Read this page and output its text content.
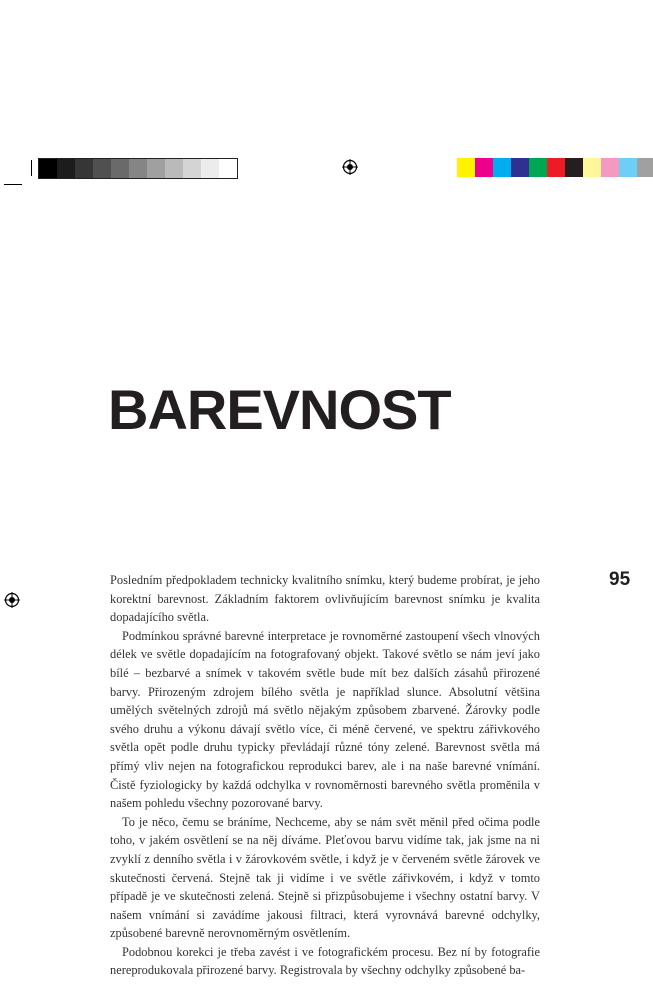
BAREVNOST
95

Posledním předpokladem technicky kvalitního snímku, který budeme probírat, je jeho korektní barevnost. Základním faktorem ovlivňujícím barevnost snímku je kvalita dopadajícího světla.

Podmínkou správné barevné interpretace je rovnoměrné zastoupení všech vlnových délek ve světle dopadajícím na fotografovaný objekt. Takové světlo se nám jeví jako bílé – bezbarvé a snímek v takovém světle bude mít bez dalších zásahů přirozené barvy. Přirozeným zdrojem bílého světla je například slunce. Absolutní většina umělých světelných zdrojů má světlo nějakým způsobem zbarvené. Žárovky podle svého druhu a výkonu dávají světlo více, či méně červené, ve spektru zářivkového světla opět podle druhu typicky převládají různé tóny zelené. Barevnost světla má přímý vliv nejen na fotografickou reprodukci barev, ale i na naše barevné vnímání. Čistě fyziologicky by každá odchylka v rovnoměrnosti barevného světla proměnila v našem pohledu všechny pozorované barvy.

To je něco, čemu se bráníme, Nechceme, aby se nám svět měnil před očima podle toho, v jakém osvětlení se na něj díváme. Pleťovou barvu vidíme tak, jak jsme na ni zvyklí z denního světla i v žárovkovém světle, i když je v červeném světle žárovek ve skutečnosti červená. Stejně tak ji vidíme i ve světle zářivkovém, i když v tomto případě je ve skutečnosti zelená. Stejně si přizpůsobujeme i všechny ostatní barvy. V našem vnímání si zavádíme jakousi filtraci, která vyrovnává barevné odchylky, způsobené barevně nerovnoměrným osvětlením.

Podobnou korekci je třeba zavést i ve fotografickém procesu. Bez ní by fotografie nereprodukovala přirozené barvy. Registrovala by všechny odchylky způsobené ba-
